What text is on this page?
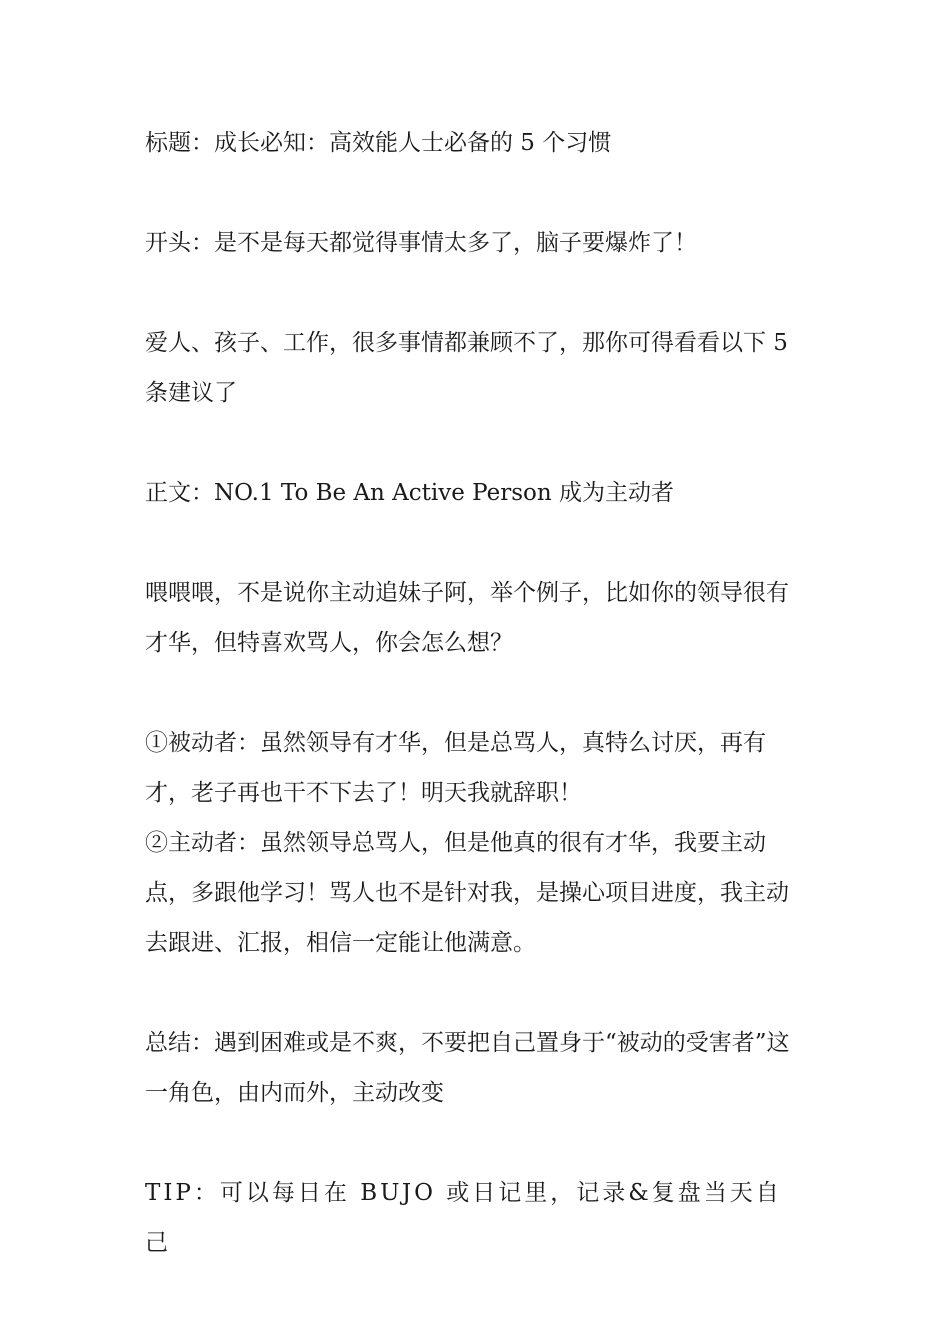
标题：成长必知：高效能人士必备的 5 个习惯

开头：是不是每天都觉得事情太多了，脑子要爆炸了！

爱人、孩子、工作，很多事情都兼顾不了，那你可得看看以下 5 条建议了

正文：NO.1 To Be An Active Person 成为主动者

喂喂喂，不是说你主动追妹子阿，举个例子，比如你的领导很有才华，但特喜欢骂人，你会怎么想？

①被动者：虽然领导有才华，但是总骂人，真特么讨厌，再有才，老子再也干不下去了！明天我就辞职！

②主动者：虽然领导总骂人，但是他真的很有才华，我要主动点，多跟他学习！骂人也不是针对我，是操心项目进度，我主动去跟进、汇报，相信一定能让他满意。

总结：遇到困难或是不爽，不要把自己置身于“被动的受害者”这一角色，由内而外，主动改变

TIP：可以每日在 BUJO 或日记里，记录&复盘当天自己
